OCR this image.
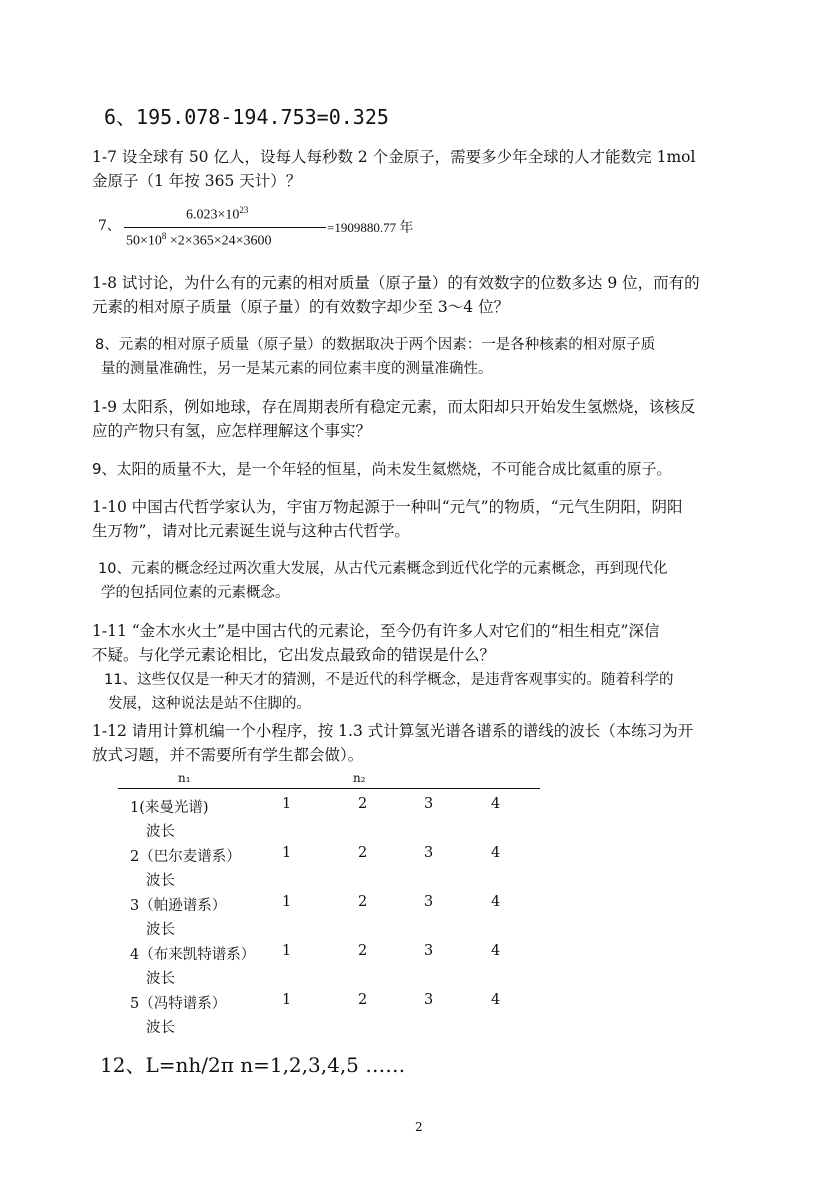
6、195.078-194.753=0.325
1-7 设全球有 50 亿人，设每人每秒数 2 个金原子，需要多少年全球的人才能数完 1mol
金原子（1 年按 365 天计）？
7、
$6.023\times 10^{23}$
$50\times 10^8 \times 2\times 365\times 24\times 3600$
=1909880.77 年
1-8 试讨论，为什么有的元素的相对质量（原子量）的有效数字的位数多达 9 位，而有的
元素的相对原子质量（原子量）的有效数字却少至 3～4 位？
8、元素的相对原子质量（原子量）的数据取决于两个因素：一是各种核素的相对原子质
量的测量准确性，另一是某元素的同位素丰度的测量准确性。
1-9 太阳系，例如地球，存在周期表所有稳定元素，而太阳却只开始发生氢燃烧，该核反
应的产物只有氢，应怎样理解这个事实？
9、太阳的质量不大，是一个年轻的恒星，尚未发生氦燃烧，不可能合成比氦重的原子。
1-10 中国古代哲学家认为，宇宙万物起源于一种叫“元气”的物质，“元气生阴阳，阴阳
生万物”，请对比元素诞生说与这种古代哲学。
10、元素的概念经过两次重大发展，从古代元素概念到近代化学的元素概念，再到现代化
学的包括同位素的元素概念。
1-11 “金木水火土”是中国古代的元素论，至今仍有许多人对它们的“相生相克”深信
不疑。与化学元素论相比，它出发点最致命的错误是什么？
11、这些仅仅是一种天才的猜测，不是近代的科学概念，是违背客观事实的。随着科学的
发展，这种说法是站不住脚的。
1-12 请用计算机编一个小程序，按 1.3 式计算氢光谱各谱系的谱线的波长（本练习为开
放式习题，并不需要所有学生都会做）。
n₁	n₂
1(来曼光谱)	1	2	3	4
波长
2（巴尔麦谱系）	1	2	3	4
波长
3（帕逊谱系）	1	2	3	4
波长
4（布来凯特谱系） 1	2	3	4
波长
5（冯特谱系）	1	2	3	4
波长
12、L=nh/2π n=1,2,3,4,5 ……
2
